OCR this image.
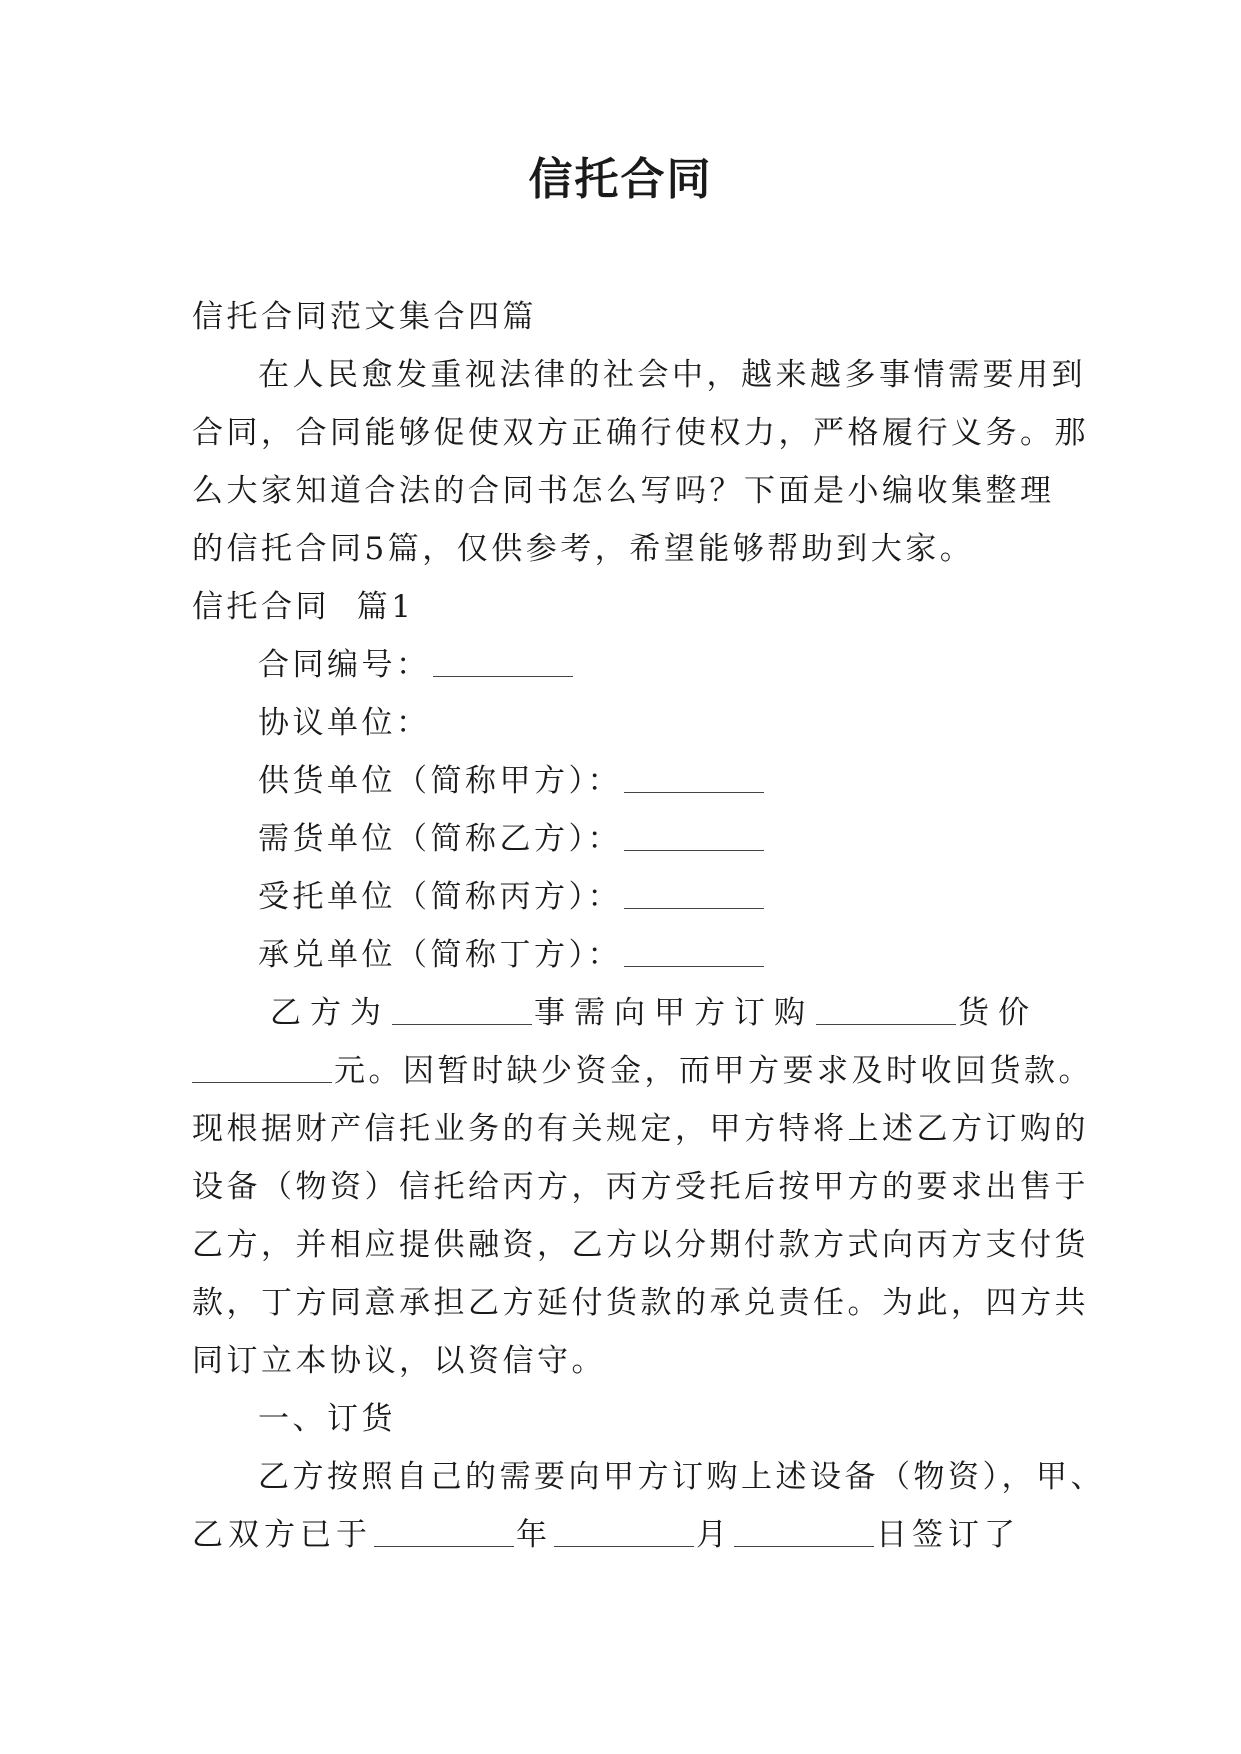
信托合同
信托合同范文集合四篇
在人民愈发重视法律的社会中，越来越多事情需要用到
合同，合同能够促使双方正确行使权力，严格履行义务。那
么大家知道合法的合同书怎么写吗？下面是小编收集整理
的信托合同5篇，仅供参考，希望能够帮助到大家。
信托合同  篇1
合同编号：
协议单位：
供货单位（简称甲方）：
需货单位（简称乙方）：
受托单位（简称丙方）：
承兑单位（简称丁方）：
乙方为	事需向甲方订购	货价
元。因暂时缺少资金，而甲方要求及时收回货款。
现根据财产信托业务的有关规定，甲方特将上述乙方订购的
设备（物资）信托给丙方，丙方受托后按甲方的要求出售于
乙方，并相应提供融资，乙方以分期付款方式向丙方支付货
款，丁方同意承担乙方延付货款的承兑责任。为此，四方共
同订立本协议，以资信守。
一、订货
乙方按照自己的需要向甲方订购上述设备（物资），甲、
乙双方已于	年	月	日签订了
